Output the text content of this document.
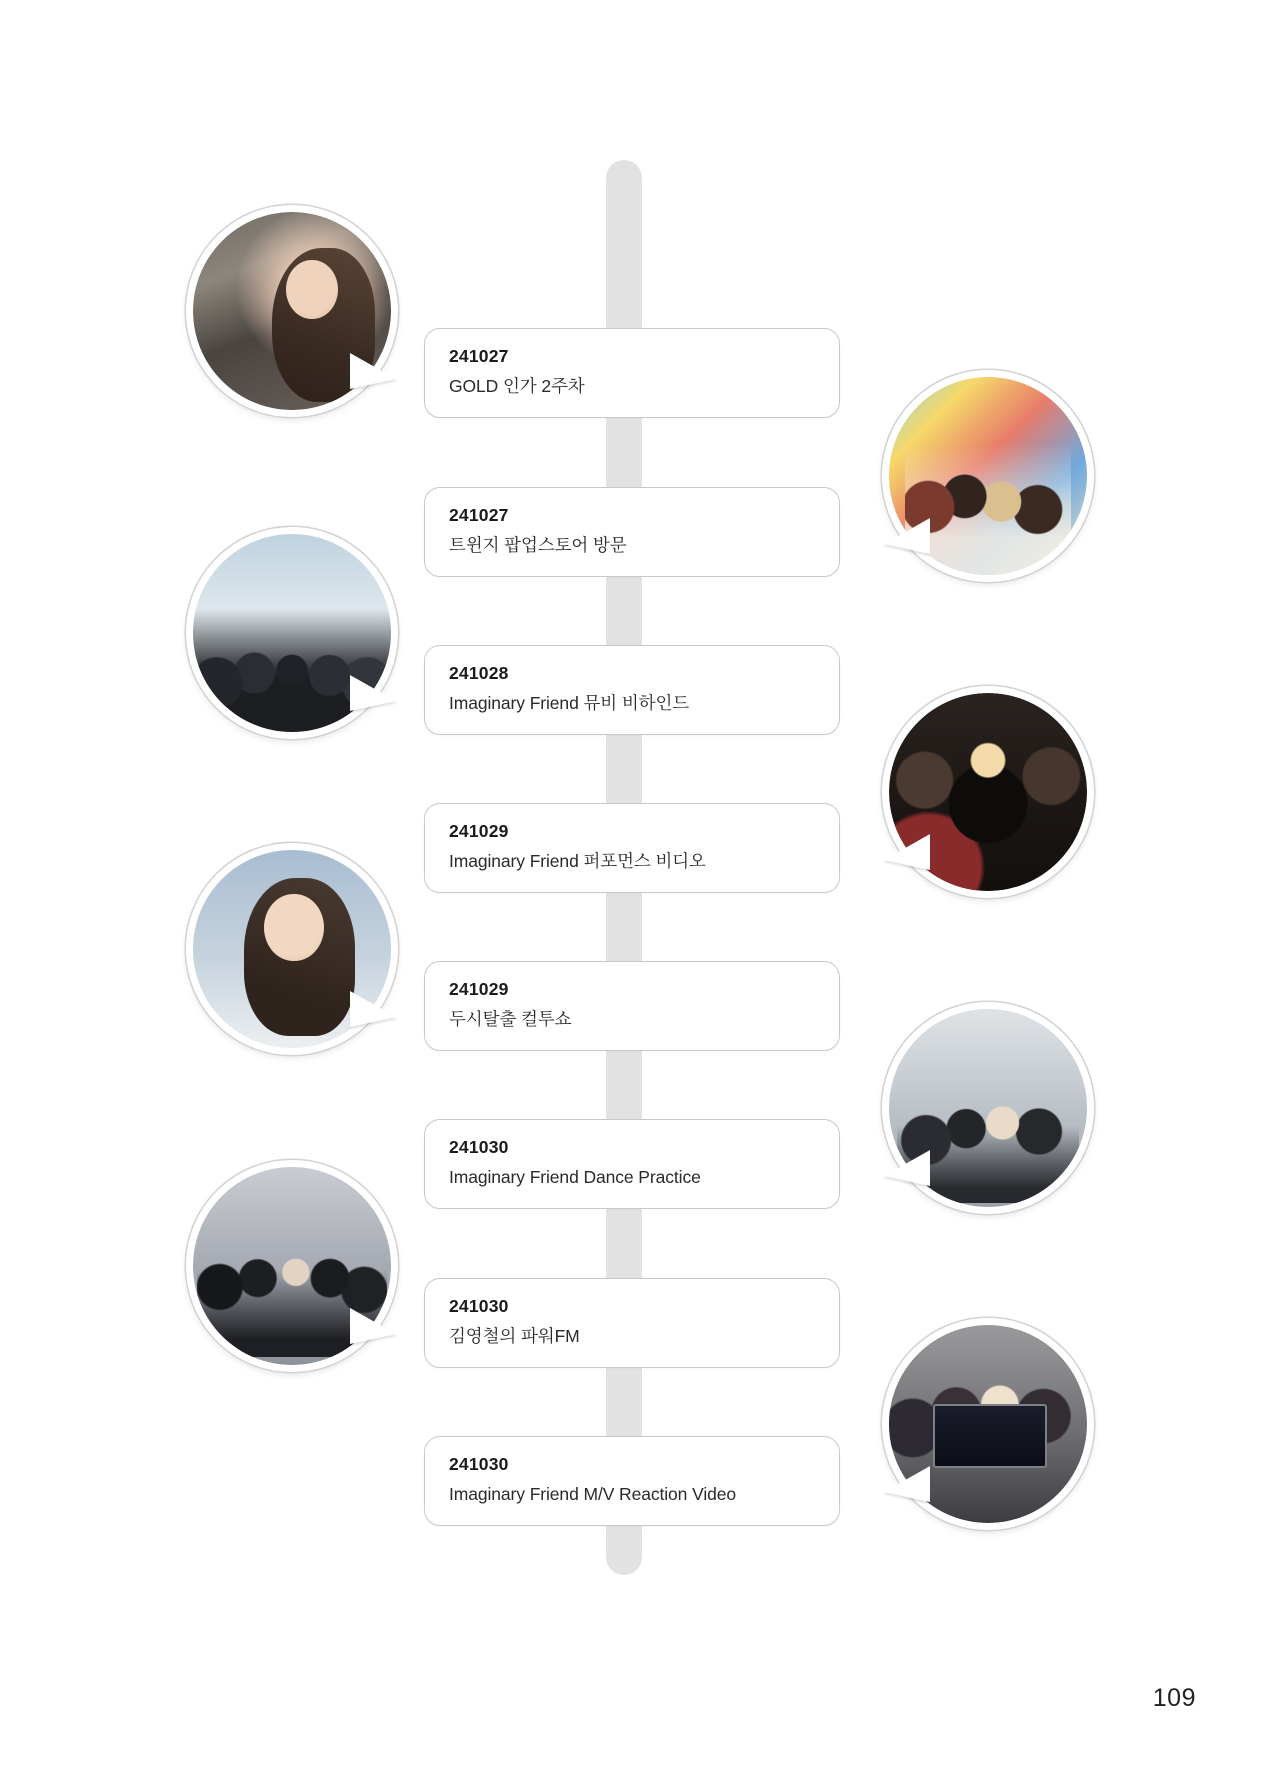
241027
GOLD 인가 2주차
241027
트윈지 팝업스토어 방문
241028
Imaginary Friend 뮤비 비하인드
241029
Imaginary Friend 퍼포먼스 비디오
241029
두시탈출 컬투쇼
241030
Imaginary Friend Dance Practice
241030
김영철의 파워FM
241030
Imaginary Friend M/V Reaction Video
109
